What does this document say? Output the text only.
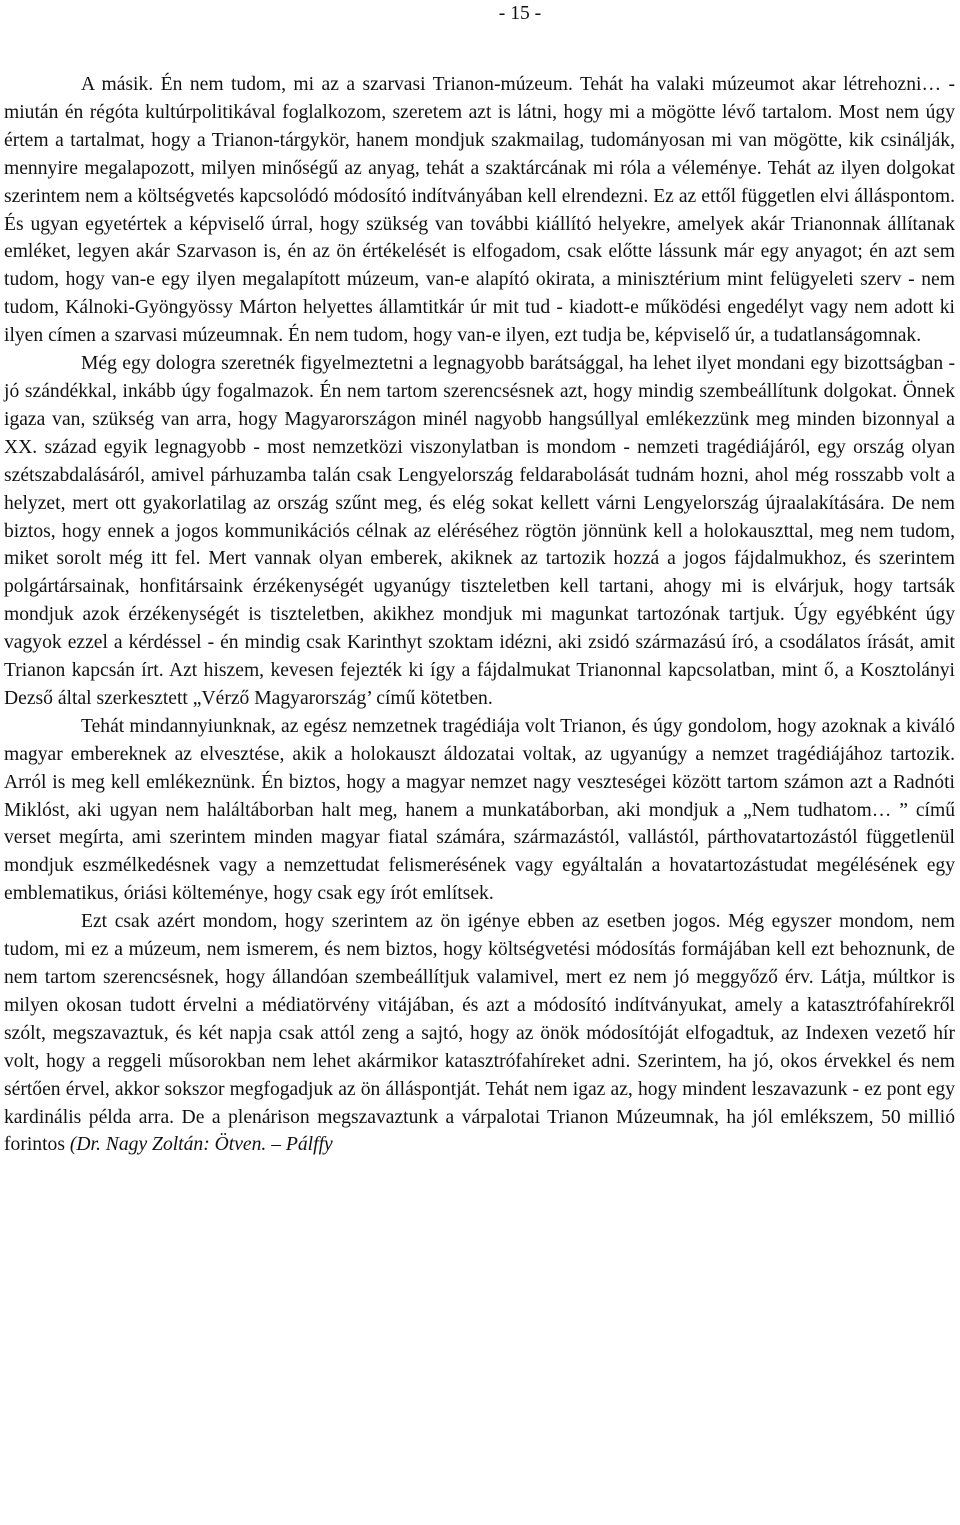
- 15 -

A másik. Én nem tudom, mi az a szarvasi Trianon-múzeum. Tehát ha valaki múzeumot akar létrehozni… - miután én régóta kultúrpolitikával foglalkozom, szeretem azt is látni, hogy mi a mögötte lévő tartalom. Most nem úgy értem a tartalmat, hogy a Trianon-tárgykör, hanem mondjuk szakmailag, tudományosan mi van mögötte, kik csinálják, mennyire megalapozott, milyen minőségű az anyag, tehát a szaktárcának mi róla a véleménye. Tehát az ilyen dolgokat szerintem nem a költségvetés kapcsolódó módosító indítványában kell elrendezni. Ez az ettől független elvi álláspontom. És ugyan egyetértek a képviselő úrral, hogy szükség van további kiállító helyekre, amelyek akár Trianonnak állítanak emléket, legyen akár Szarvason is, én az ön értékelését is elfogadom, csak előtte lássunk már egy anyagot; én azt sem tudom, hogy van-e egy ilyen megalapított múzeum, van-e alapító okirata, a minisztérium mint felügyeleti szerv - nem tudom, Kálnoki-Gyöngyössy Márton helyettes államtitkár úr mit tud - kiadott-e működési engedélyt vagy nem adott ki ilyen címen a szarvasi múzeumnak. Én nem tudom, hogy van-e ilyen, ezt tudja be, képviselő úr, a tudatlanságomnak.

Még egy dologra szeretnék figyelmeztetni a legnagyobb barátsággal, ha lehet ilyet mondani egy bizottságban - jó szándékkal, inkább úgy fogalmazok. Én nem tartom szerencsésnek azt, hogy mindig szembeállítunk dolgokat. Önnek igaza van, szükség van arra, hogy Magyarországon minél nagyobb hangsúllyal emlékezzünk meg minden bizonnyal a XX. század egyik legnagyobb - most nemzetközi viszonylatban is mondom - nemzeti tragédiájáról, egy ország olyan szétszabdalásáról, amivel párhuzamba talán csak Lengyelország feldarabolását tudnám hozni, ahol még rosszabb volt a helyzet, mert ott gyakorlatilag az ország szűnt meg, és elég sokat kellett várni Lengyelország újraalakítására. De nem biztos, hogy ennek a jogos kommunikációs célnak az eléréséhez rögtön jönnünk kell a holokauszttal, meg nem tudom, miket sorolt még itt fel. Mert vannak olyan emberek, akiknek az tartozik hozzá a jogos fájdalmukhoz, és szerintem polgártársainak, honfitársaink érzékenységét ugyanúgy tiszteletben kell tartani, ahogy mi is elvárjuk, hogy tartsák mondjuk azok érzékenységét is tiszteletben, akikhez mondjuk mi magunkat tartozónak tartjuk. Úgy egyébként úgy vagyok ezzel a kérdéssel - én mindig csak Karinthyt szoktam idézni, aki zsidó származású író, a csodálatos írását, amit Trianon kapcsán írt. Azt hiszem, kevesen fejezték ki így a fájdalmukat Trianonnal kapcsolatban, mint ő, a Kosztolányi Dezső által szerkesztett „Vérző Magyarország’ című kötetben.

Tehát mindannyiunknak, az egész nemzetnek tragédiája volt Trianon, és úgy gondolom, hogy azoknak a kiváló magyar embereknek az elvesztése, akik a holokauszt áldozatai voltak, az ugyanúgy a nemzet tragédiájához tartozik. Arról is meg kell emlékeznünk. Én biztos, hogy a magyar nemzet nagy veszteségei között tartom számon azt a Radnóti Miklóst, aki ugyan nem haláltáborban halt meg, hanem a munkatáborban, aki mondjuk a „Nem tudhatom… ” című verset megírta, ami szerintem minden magyar fiatal számára, származástól, vallástól, párthovatartozástól függetlenül mondjuk eszmélkedésnek vagy a nemzettudat felismerésének vagy egyáltalán a hovatartozástudat megélésének egy emblematikus, óriási költeménye, hogy csak egy írót említsek.

Ezt csak azért mondom, hogy szerintem az ön igénye ebben az esetben jogos. Még egyszer mondom, nem tudom, mi ez a múzeum, nem ismerem, és nem biztos, hogy költségvetési módosítás formájában kell ezt behoznunk, de nem tartom szerencsésnek, hogy állandóan szembeállítjuk valamivel, mert ez nem jó meggyőző érv. Látja, múltkor is milyen okosan tudott érvelni a médiatörvény vitájában, és azt a módosító indítványukat, amely a katasztrófahírekről szólt, megszavaztuk, és két napja csak attól zeng a sajtó, hogy az önök módosítóját elfogadtuk, az Indexen vezető hír volt, hogy a reggeli műsorokban nem lehet akármikor katasztrófahíreket adni. Szerintem, ha jó, okos érvekkel és nem sértően érvel, akkor sokszor megfogadjuk az ön álláspontját. Tehát nem igaz az, hogy mindent leszavazunk - ez pont egy kardinális példa arra. De a plenárison megszavaztunk a várpalotai Trianon Múzeumnak, ha jól emlékszem, 50 millió forintos (Dr. Nagy Zoltán: Ötven. – Pálffy
